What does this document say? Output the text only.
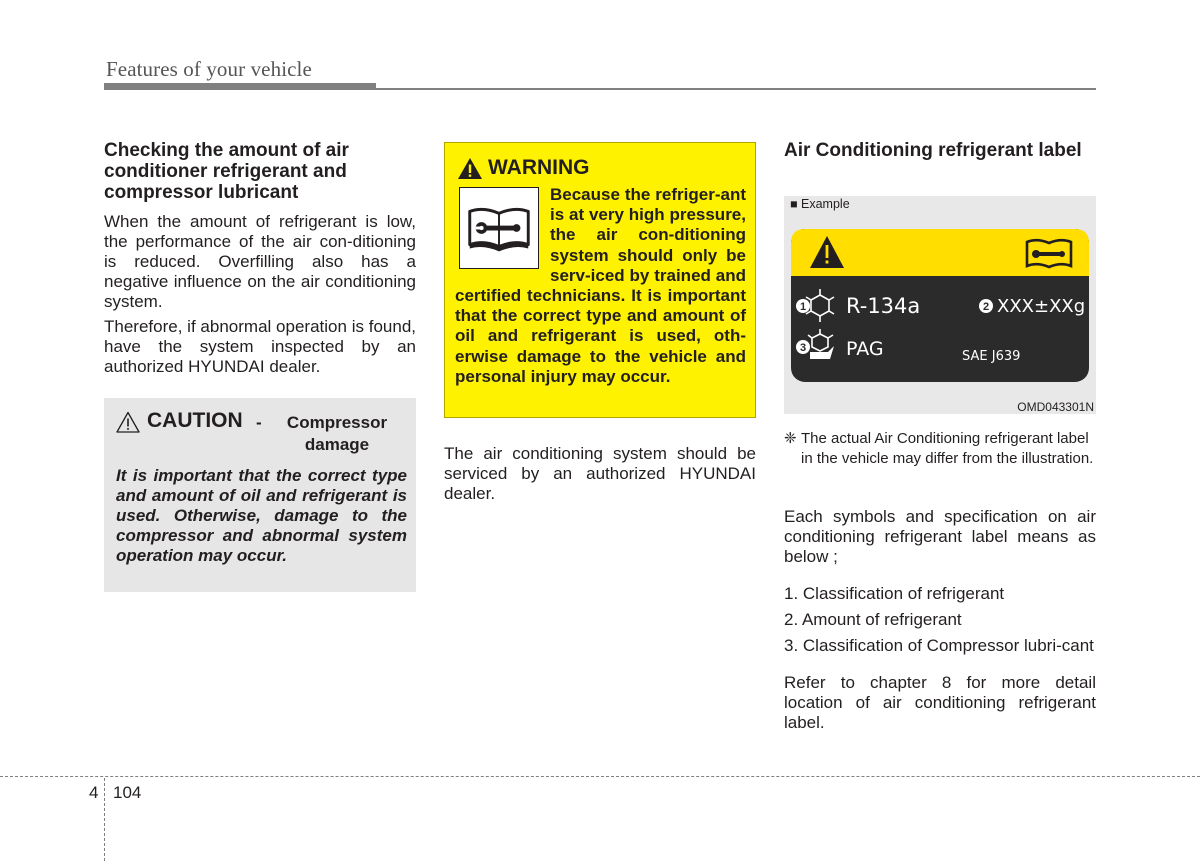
Features of your vehicle
Checking the amount of air conditioner refrigerant and compressor lubricant

When the amount of refrigerant is low, the performance of the air con-ditioning is reduced. Overfilling also has a negative influence on the air conditioning system.

Therefore, if abnormal operation is found, have the system inspected by an authorized HYUNDAI dealer.

CAUTION -	Compressor damage

It is important that the correct type and amount of oil and refrigerant is used. Otherwise, damage to the compressor and abnormal system operation may occur.

WARNING

Because the refriger-ant is at very high pressure, the air con-ditioning system should only be serv-iced by trained and certified technicians. It is important that the correct type and amount of oil and refrigerant is used, oth-erwise damage to the vehicle and personal injury may occur.

The air conditioning system should be serviced by an authorized HYUNDAI dealer.

Air Conditioning refrigerant label
■ Example
1 R-134a	2 XXX±XXg
3 PAG	SAE J639
OMD043301N
❈ The actual Air Conditioning refrigerant label in the vehicle may differ from the illustration.

Each symbols and specification on air conditioning refrigerant label means as below ;

1. Classification of refrigerant

2. Amount of refrigerant

3. Classification of Compressor lubri-cant

Refer to chapter 8 for more detail location of air conditioning refrigerant label.

4 104
